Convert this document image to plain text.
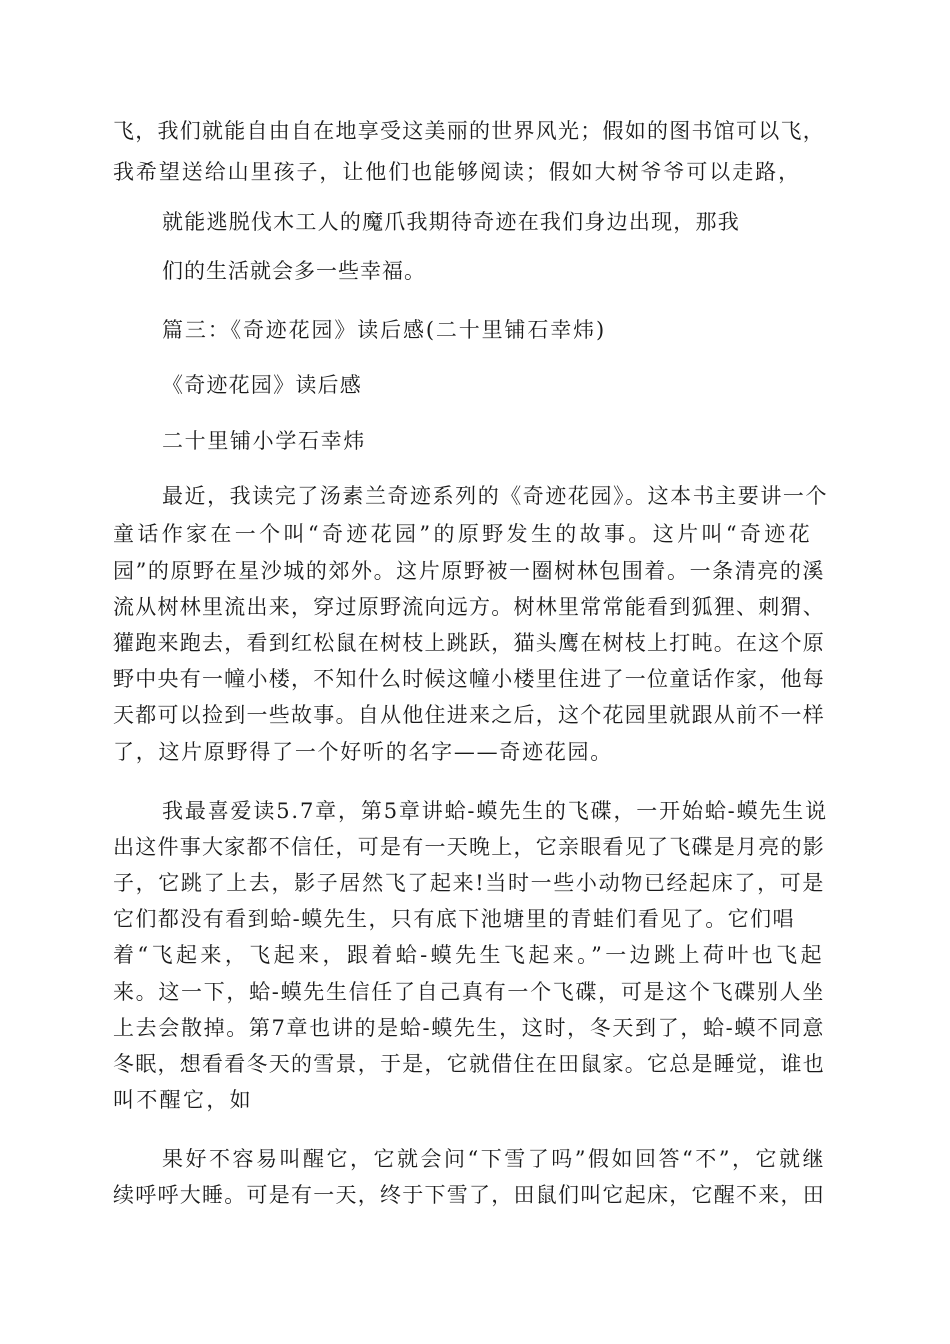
飞，我们就能自由自在地享受这美丽的世界风光；假如的图书馆可以飞，
我希望送给山里孩子，让他们也能够阅读；假如大树爷爷可以走路，
就能逃脱伐木工人的魔爪我期待奇迹在我们身边出现，那我
们的生活就会多一些幸福。
篇三：《奇迹花园》读后感(二十里铺石幸炜)
《奇迹花园》读后感
二十里铺小学石幸炜
最近，我读完了汤素兰奇迹系列的《奇迹花园》。这本书主要讲一个
童话作家在一个叫“奇迹花园”的原野发生的故事。这片叫“奇迹花
园”的原野在星沙城的郊外。这片原野被一圈树林包围着。一条清亮的溪
流从树林里流出来，穿过原野流向远方。树林里常常能看到狐狸、刺猬、
獾跑来跑去，看到红松鼠在树枝上跳跃，猫头鹰在树枝上打盹。在这个原
野中央有一幢小楼，不知什么时候这幢小楼里住进了一位童话作家，他每
天都可以捡到一些故事。自从他住进来之后，这个花园里就跟从前不一样
了，这片原野得了一个好听的名字——奇迹花园。
我最喜爱读5.7章，第5章讲蛤-蟆先生的飞碟，一开始蛤-蟆先生说
出这件事大家都不信任，可是有一天晚上，它亲眼看见了飞碟是月亮的影
子，它跳了上去，影子居然飞了起来!当时一些小动物已经起床了，可是
它们都没有看到蛤-蟆先生，只有底下池塘里的青蛙们看见了。它们唱
着“飞起来，飞起来，跟着蛤-蟆先生飞起来。”一边跳上荷叶也飞起
来。这一下，蛤-蟆先生信任了自己真有一个飞碟，可是这个飞碟别人坐
上去会散掉。第7章也讲的是蛤-蟆先生，这时，冬天到了，蛤-蟆不同意
冬眠，想看看冬天的雪景，于是，它就借住在田鼠家。它总是睡觉，谁也
叫不醒它，如
果好不容易叫醒它，它就会问“下雪了吗”假如回答“不”，它就继
续呼呼大睡。可是有一天，终于下雪了，田鼠们叫它起床，它醒不来，田
